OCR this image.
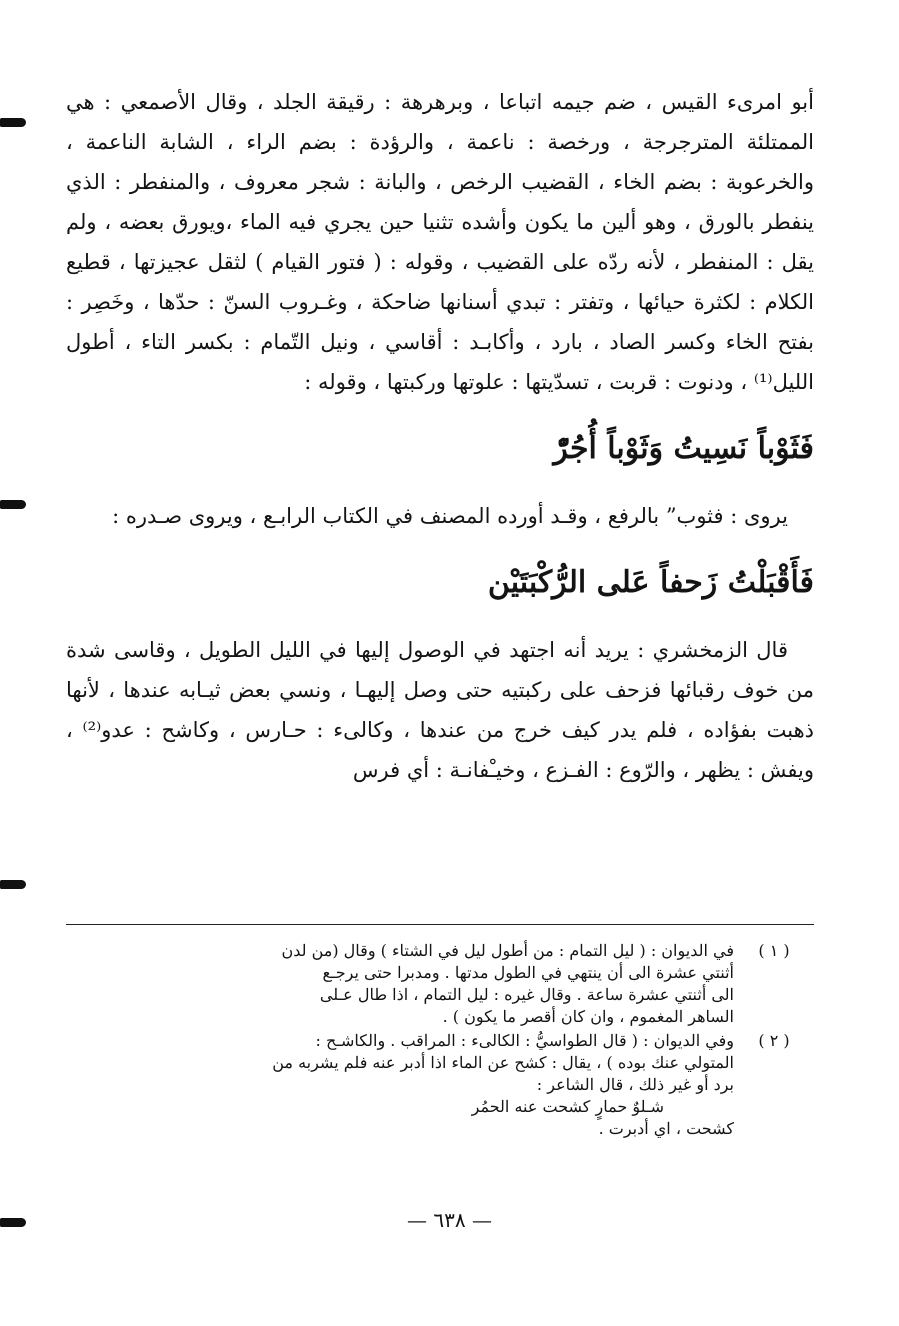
أبو امرىء القيس ، ضم جيمه اتباعا ، وبرهرهة : رقيقة الجلد ، وقال الأصمعي : هي الممتلئة المترجرجة ، ورخصة : ناعمة ، والرؤدة : بضم الراء ، الشابة الناعمة ، والخرعوبة : بضم الخاء ، القضيب الرخص ، والبانة : شجر معروف ، والمنفطر : الذي ينفطر بالورق ، وهو ألين ما يكون وأشده تثنيا حين يجري فيه الماء ،ويورق بعضه ، ولم يقل : المنفطر ، لأنه ردّه على القضيب ، وقوله : ( فتور القيام ) لثقل عجيزتها ، قطيع الكلام : لكثرة حيائها ، وتفتر : تبدي أسنانها ضاحكة ، وغـروب السنّ : حدّها ، وخَصِر : بفتح الخاء وكسر الصاد ، بارد ، وأكابـد : أقاسي ، ونيل التّمام : بكسر التاء ، أطول الليل⁽¹⁾ ، ودنوت : قربت ، تسدّيتها : علوتها وركبتها ، وقوله :

فَثَوْباً نَسِيتُ وَثَوْباً أُجُرّْ

يروى : فثوب” بالرفع ، وقـد أورده المصنف في الكتاب الرابـع ، ويروى صـدره :

فَأَقْبَلْتُ زَحفاً عَلى الرُّكْبَتَيْن

قال الزمخشري : يريد أنه اجتهد في الوصول إليها في الليل الطويل ، وقاسى شدة من خوف رقبائها فزحف على ركبتيه حتى وصل إليهـا ، ونسي بعض ثيـابه عندها ، لأنها ذهبت بفؤاده ، فلم يدر كيف خرج من عندها ، وكالىء : حـارس ، وكاشح : عدو⁽²⁾ ، ويفش : يظهر ، والرّوع : الفـزع ، وخيـْفانـة : أي فرس

( ١ )
في الديوان : ( ليل التمام : من أطول ليل في الشتاء ) وقال (من لدن
أثنتي عشرة الى أن ينتهي في الطول مدتها . ومدبرا حتى يرجـع
الى أثنتي عشرة ساعة . وقال غيره : ليل التمام ، اذا طال عـلى
الساهر المغموم ، وان كان أقصر ما يكون ) .
( ٢ )
وفي الديوان : ( قال الطواسيُّ : الكالىء : المراقب . والكاشـح :
المتولي عنك بوده ) ، يقال : كشح عن الماء اذا أدبر عنه فلم يشربه من
برد أو غير ذلك ، قال الشاعر :
شـلوٌ حمارٍ كشحت عنه الحمُر
كشحت ، اي أدبرت .
— ٦٣٨ —
